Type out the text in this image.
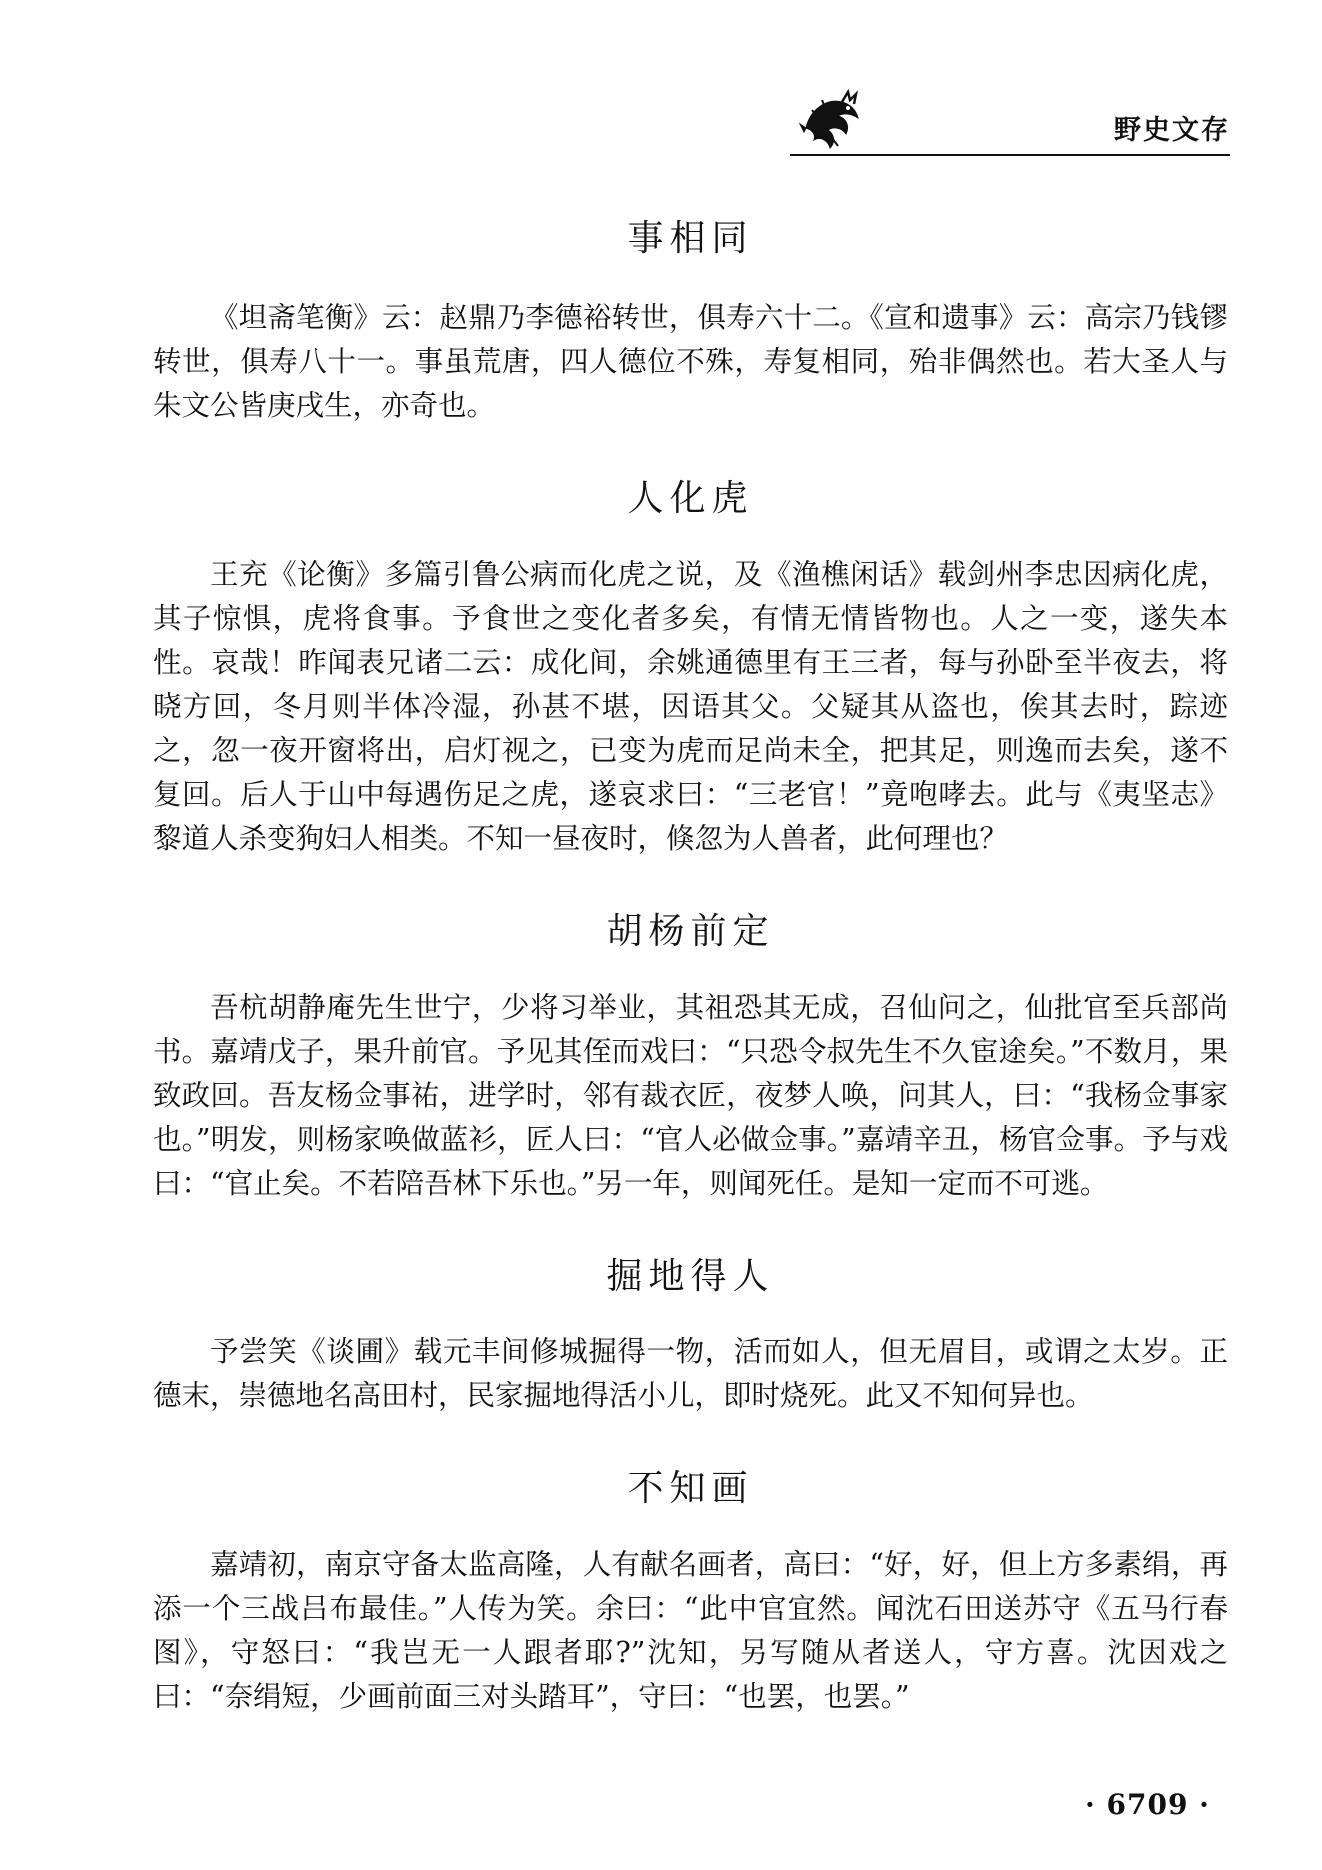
野史文存
事相同
《坦斋笔衡》云：赵鼎乃李德裕转世，俱寿六十二。《宣和遗事》云：高宗乃钱镠转世，俱寿八十一。事虽荒唐，四人德位不殊，寿复相同，殆非偶然也。若大圣人与朱文公皆庚戌生，亦奇也。
人化虎
王充《论衡》多篇引鲁公病而化虎之说，及《渔樵闲话》载剑州李忠因病化虎，其子惊惧，虎将食事。予食世之变化者多矣，有情无情皆物也。人之一变，遂失本性。哀哉！昨闻表兄诸二云：成化间，余姚通德里有王三者，每与孙卧至半夜去，将晓方回，冬月则半体冷湿，孙甚不堪，因语其父。父疑其从盗也，俟其去时，踪迹之，忽一夜开窗将出，启灯视之，已变为虎而足尚未全，把其足，则逸而去矣，遂不复回。后人于山中每遇伤足之虎，遂哀求曰：“三老官！”竟咆哮去。此与《夷坚志》黎道人杀变狗妇人相类。不知一昼夜时，倏忽为人兽者，此何理也？
胡杨前定
吾杭胡静庵先生世宁，少将习举业，其祖恐其无成，召仙问之，仙批官至兵部尚书。嘉靖戊子，果升前官。予见其侄而戏曰：“只恐令叔先生不久宦途矣。”不数月，果致政回。吾友杨佥事祐，进学时，邻有裁衣匠，夜梦人唤，问其人，曰：“我杨佥事家也。”明发，则杨家唤做蓝衫，匠人曰：“官人必做佥事。”嘉靖辛丑，杨官佥事。予与戏曰：“官止矣。不若陪吾林下乐也。”另一年，则闻死任。是知一定而不可逃。
掘地得人
予尝笑《谈圃》载元丰间修城掘得一物，活而如人，但无眉目，或谓之太岁。正德末，崇德地名高田村，民家掘地得活小儿，即时烧死。此又不知何异也。
不知画
嘉靖初，南京守备太监高隆，人有献名画者，高曰：“好，好，但上方多素绢，再添一个三战吕布最佳。”人传为笑。余曰：“此中官宜然。闻沈石田送苏守《五马行春图》，守怒曰：“我岂无一人跟者耶?”沈知，另写随从者送人，守方喜。沈因戏之曰：“奈绢短，少画前面三对头踏耳”，守曰：“也罢，也罢。”
· 6709 ·
